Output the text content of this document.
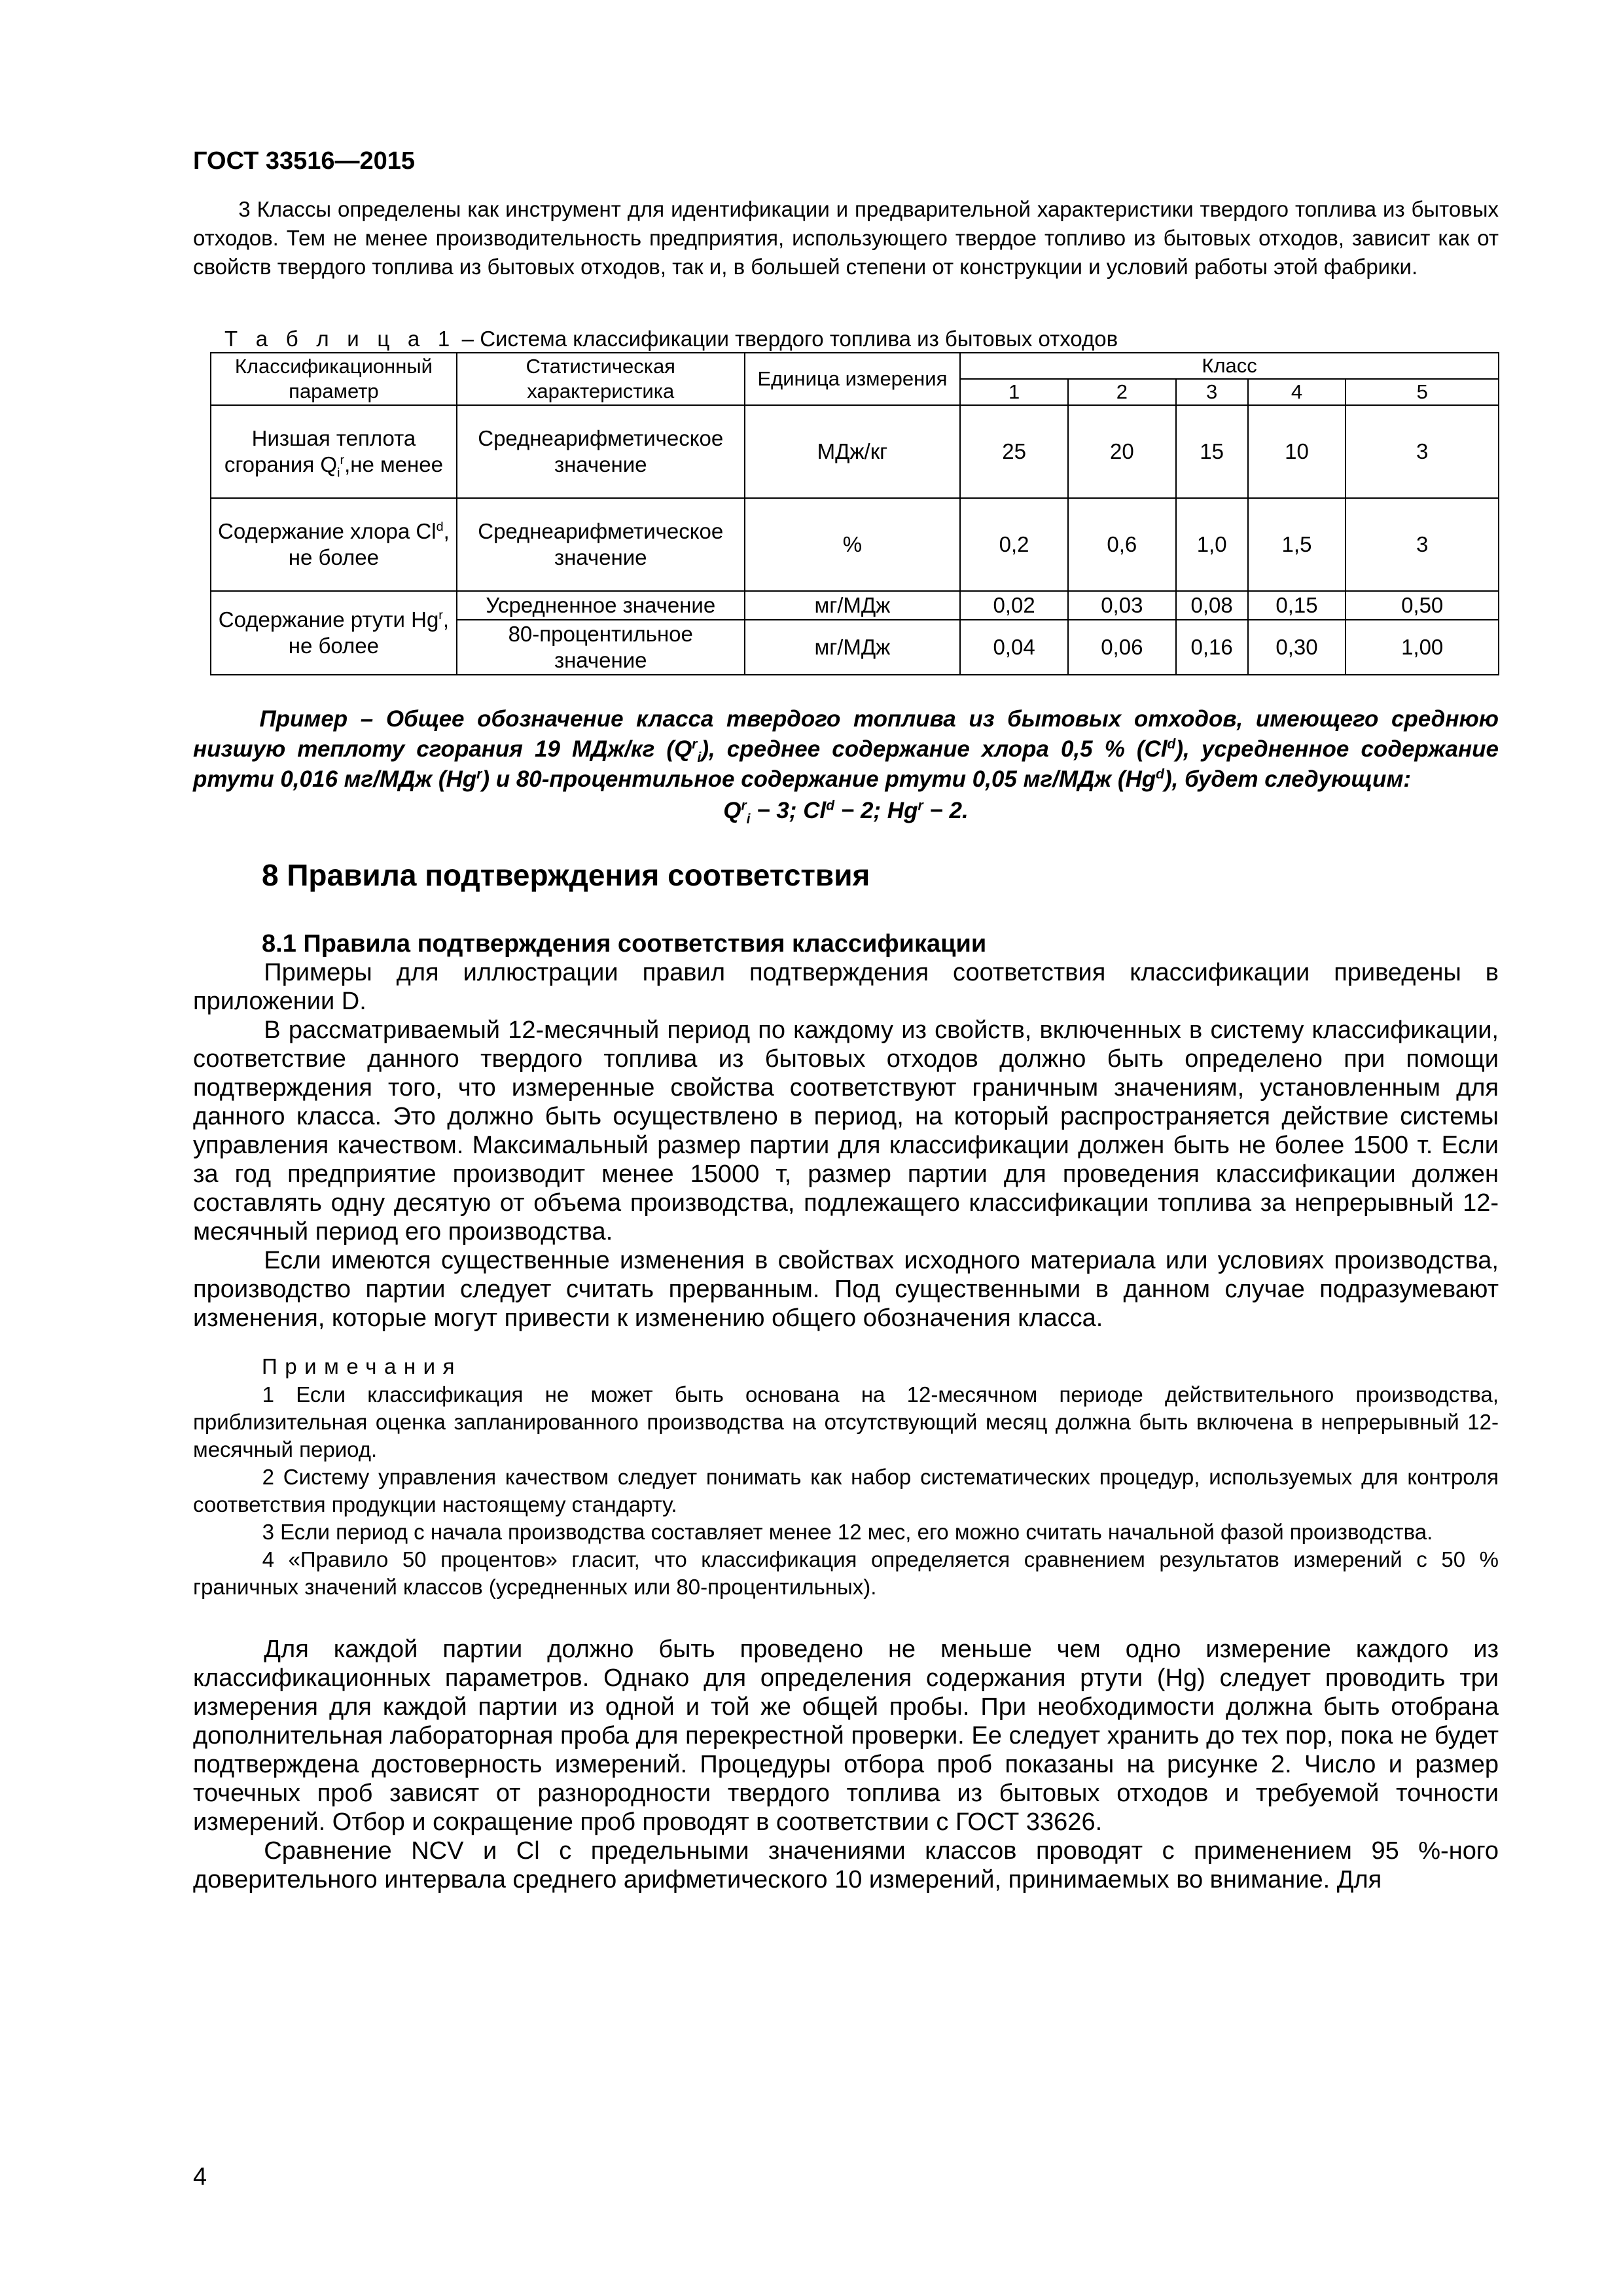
ГОСТ 33516—2015

3 Классы определены как инструмент для идентификации и предварительной характеристики твердого топлива из бытовых отходов. Тем не менее производительность предприятия, использующего твердое топливо из бытовых отходов, зависит как от свойств твердого топлива из бытовых отходов, так и, в большей степени от конструкции и условий работы этой фабрики.

Т а б л и ц а 1 – Система классификации твердого топлива из бытовых отходов
Классификационный параметр	Статистическая характеристика	Единица измерения	Класс				
			1	2	3	4	5
Низшая теплота сгорания $Q_i^r,не$ менее	Среднеарифметическое значение	МДж/кг	25	20	15	10	3
Содержание хлора Cl$^d$, не более	Среднеарифметическое значение	%	0,2	0,6	1,0	1,5	3
Содержание ртути Hg$^r$, не более	Усредненное значение	мг/МДж	0,02	0,03	0,08	0,15	0,50
	80-процентильное значение	мг/МДж	0,04	0,06	0,16	0,30	1,00

Пример – Общее обозначение класса твердого топлива из бытовых отходов, имеющего среднюю низшую теплоту сгорания 19 МДж/кг $(Q^r_i)$, среднее содержание хлора 0,5 % (Cl$^d$), усредненное содержание ртути 0,016 мг/МДж (Hg$^r$) и 80-процентильное содержание ртути 0,05 мг/МДж (Hg$^d$), будет следующим:

$Q^r_i - 3$; $Cl^d - 2$; $Hg^r - 2$.
8 Правила подтверждения соответствия
8.1 Правила подтверждения соответствия классификации

Примеры для иллюстрации правил подтверждения соответствия классификации приведены в приложении D.

В рассматриваемый 12-месячный период по каждому из свойств, включенных в систему классификации, соответствие данного твердого топлива из бытовых отходов должно быть определено при помощи подтверждения того, что измеренные свойства соответствуют граничным значениям, установленным для данного класса. Это должно быть осуществлено в период, на который распространяется действие системы управления качеством. Максимальный размер партии для классификации должен быть не более 1500 т. Если за год предприятие производит менее 15000 т, размер партии для проведения классификации должен составлять одну десятую от объема производства, подлежащего классификации топлива за непрерывный 12-месячный период его производства.

Если имеются существенные изменения в свойствах исходного материала или условиях производства, производство партии следует считать прерванным. Под существенными в данном случае подразумевают изменения, которые могут привести к изменению общего обозначения класса.

Примечания

1 Если классификация не может быть основана на 12-месячном периоде действительного производства, приблизительная оценка запланированного производства на отсутствующий месяц должна быть включена в непрерывный 12-месячный период.

2 Систему управления качеством следует понимать как набор систематических процедур, используемых для контроля соответствия продукции настоящему стандарту.

3 Если период с начала производства составляет менее 12 мес, его можно считать начальной фазой производства.

4 «Правило 50 процентов» гласит, что классификация определяется сравнением результатов измерений с 50 % граничных значений классов (усредненных или 80-процентильных).

Для каждой партии должно быть проведено не меньше чем одно измерение каждого из классификационных параметров. Однако для определения содержания ртути (Hg) следует проводить три измерения для каждой партии из одной и той же общей пробы. При необходимости должна быть отобрана дополнительная лабораторная проба для перекрестной проверки. Ее следует хранить до тех пор, пока не будет подтверждена достоверность измерений. Процедуры отбора проб показаны на рисунке 2. Число и размер точечных проб зависят от разнородности твердого топлива из бытовых отходов и требуемой точности измерений. Отбор и сокращение проб проводят в соответствии с ГОСТ 33626.

Сравнение NCV и Cl с предельными значениями классов проводят с применением 95 %-ного доверительного интервала среднего арифметического 10 измерений, принимаемых во внимание. Для

4
